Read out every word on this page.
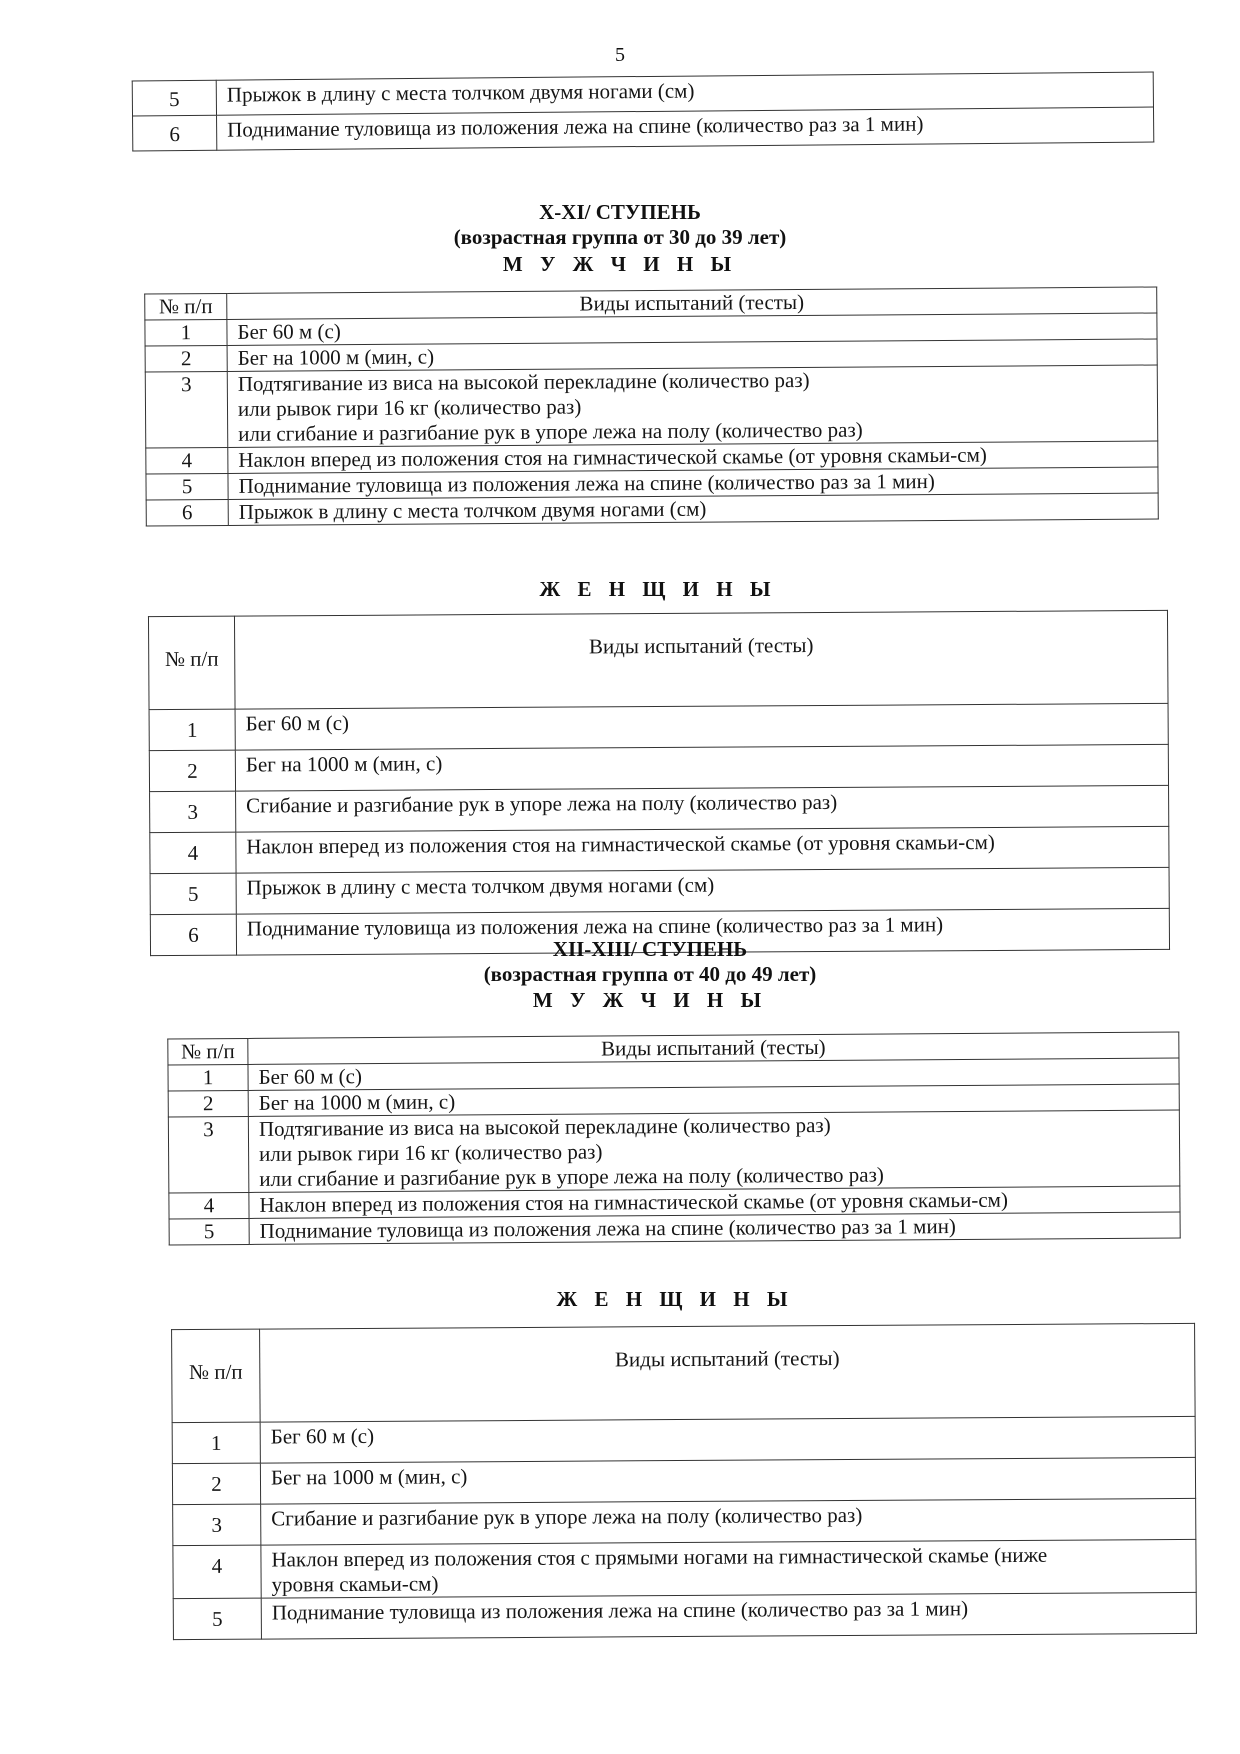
5
5	Прыжок в длину с места толчком двумя ногами (см)
6	Поднимание туловища из положения лежа на спине (количество раз за 1 мин)
X-XI/ СТУПЕНЬ
(возрастная группа от 30 до 39 лет)
М У Ж Ч И Н Ы
№ п/п	Виды испытаний (тесты)
1	Бег 60 м (с)

2	Бег на 1000 м (мин, с)

3	Подтягивание из виса на высокой перекладине (количество раз)
или рывок гири 16 кг (количество раз)
или сгибание и разгибание рук в упоре лежа на полу (количество раз)

4	Наклон вперед из положения стоя на гимнастической скамье (от уровня скамьи-см)

5	Поднимание туловища из положения лежа на спине (количество раз за 1 мин)

6	Прыжок в длину с места толчком двумя ногами (см)
Ж Е Н Щ И Н Ы
№ п/п	Виды испытаний (тесты)
1	Бег 60 м (с)

2	Бег на 1000 м (мин, с)

3	Сгибание и разгибание рук в упоре лежа на полу (количество раз)

4	Наклон вперед из положения стоя на гимнастической скамье (от уровня скамьи-см)

5	Прыжок в длину с места толчком двумя ногами (см)

6	Поднимание туловища из положения лежа на спине (количество раз за 1 мин)
XII-XIII/ СТУПЕНЬ
(возрастная группа от 40 до 49 лет)
М У Ж Ч И Н Ы
№ п/п	Виды испытаний (тесты)
1	Бег 60 м (с)

2	Бег на 1000 м (мин, с)

3	Подтягивание из виса на высокой перекладине (количество раз)
или рывок гири 16 кг (количество раз)
или сгибание и разгибание рук в упоре лежа на полу (количество раз)

4	Наклон вперед из положения стоя на гимнастической скамье (от уровня скамьи-см)

5	Поднимание туловища из положения лежа на спине (количество раз за 1 мин)
Ж Е Н Щ И Н Ы
№ п/п	Виды испытаний (тесты)
1	Бег 60 м (с)

2	Бег на 1000 м (мин, с)

3	Сгибание и разгибание рук в упоре лежа на полу (количество раз)

4	Наклон вперед из положения стоя с прямыми ногами на гимнастической скамье (ниже
уровня скамьи-см)

5	Поднимание туловища из положения лежа на спине (количество раз за 1 мин)
